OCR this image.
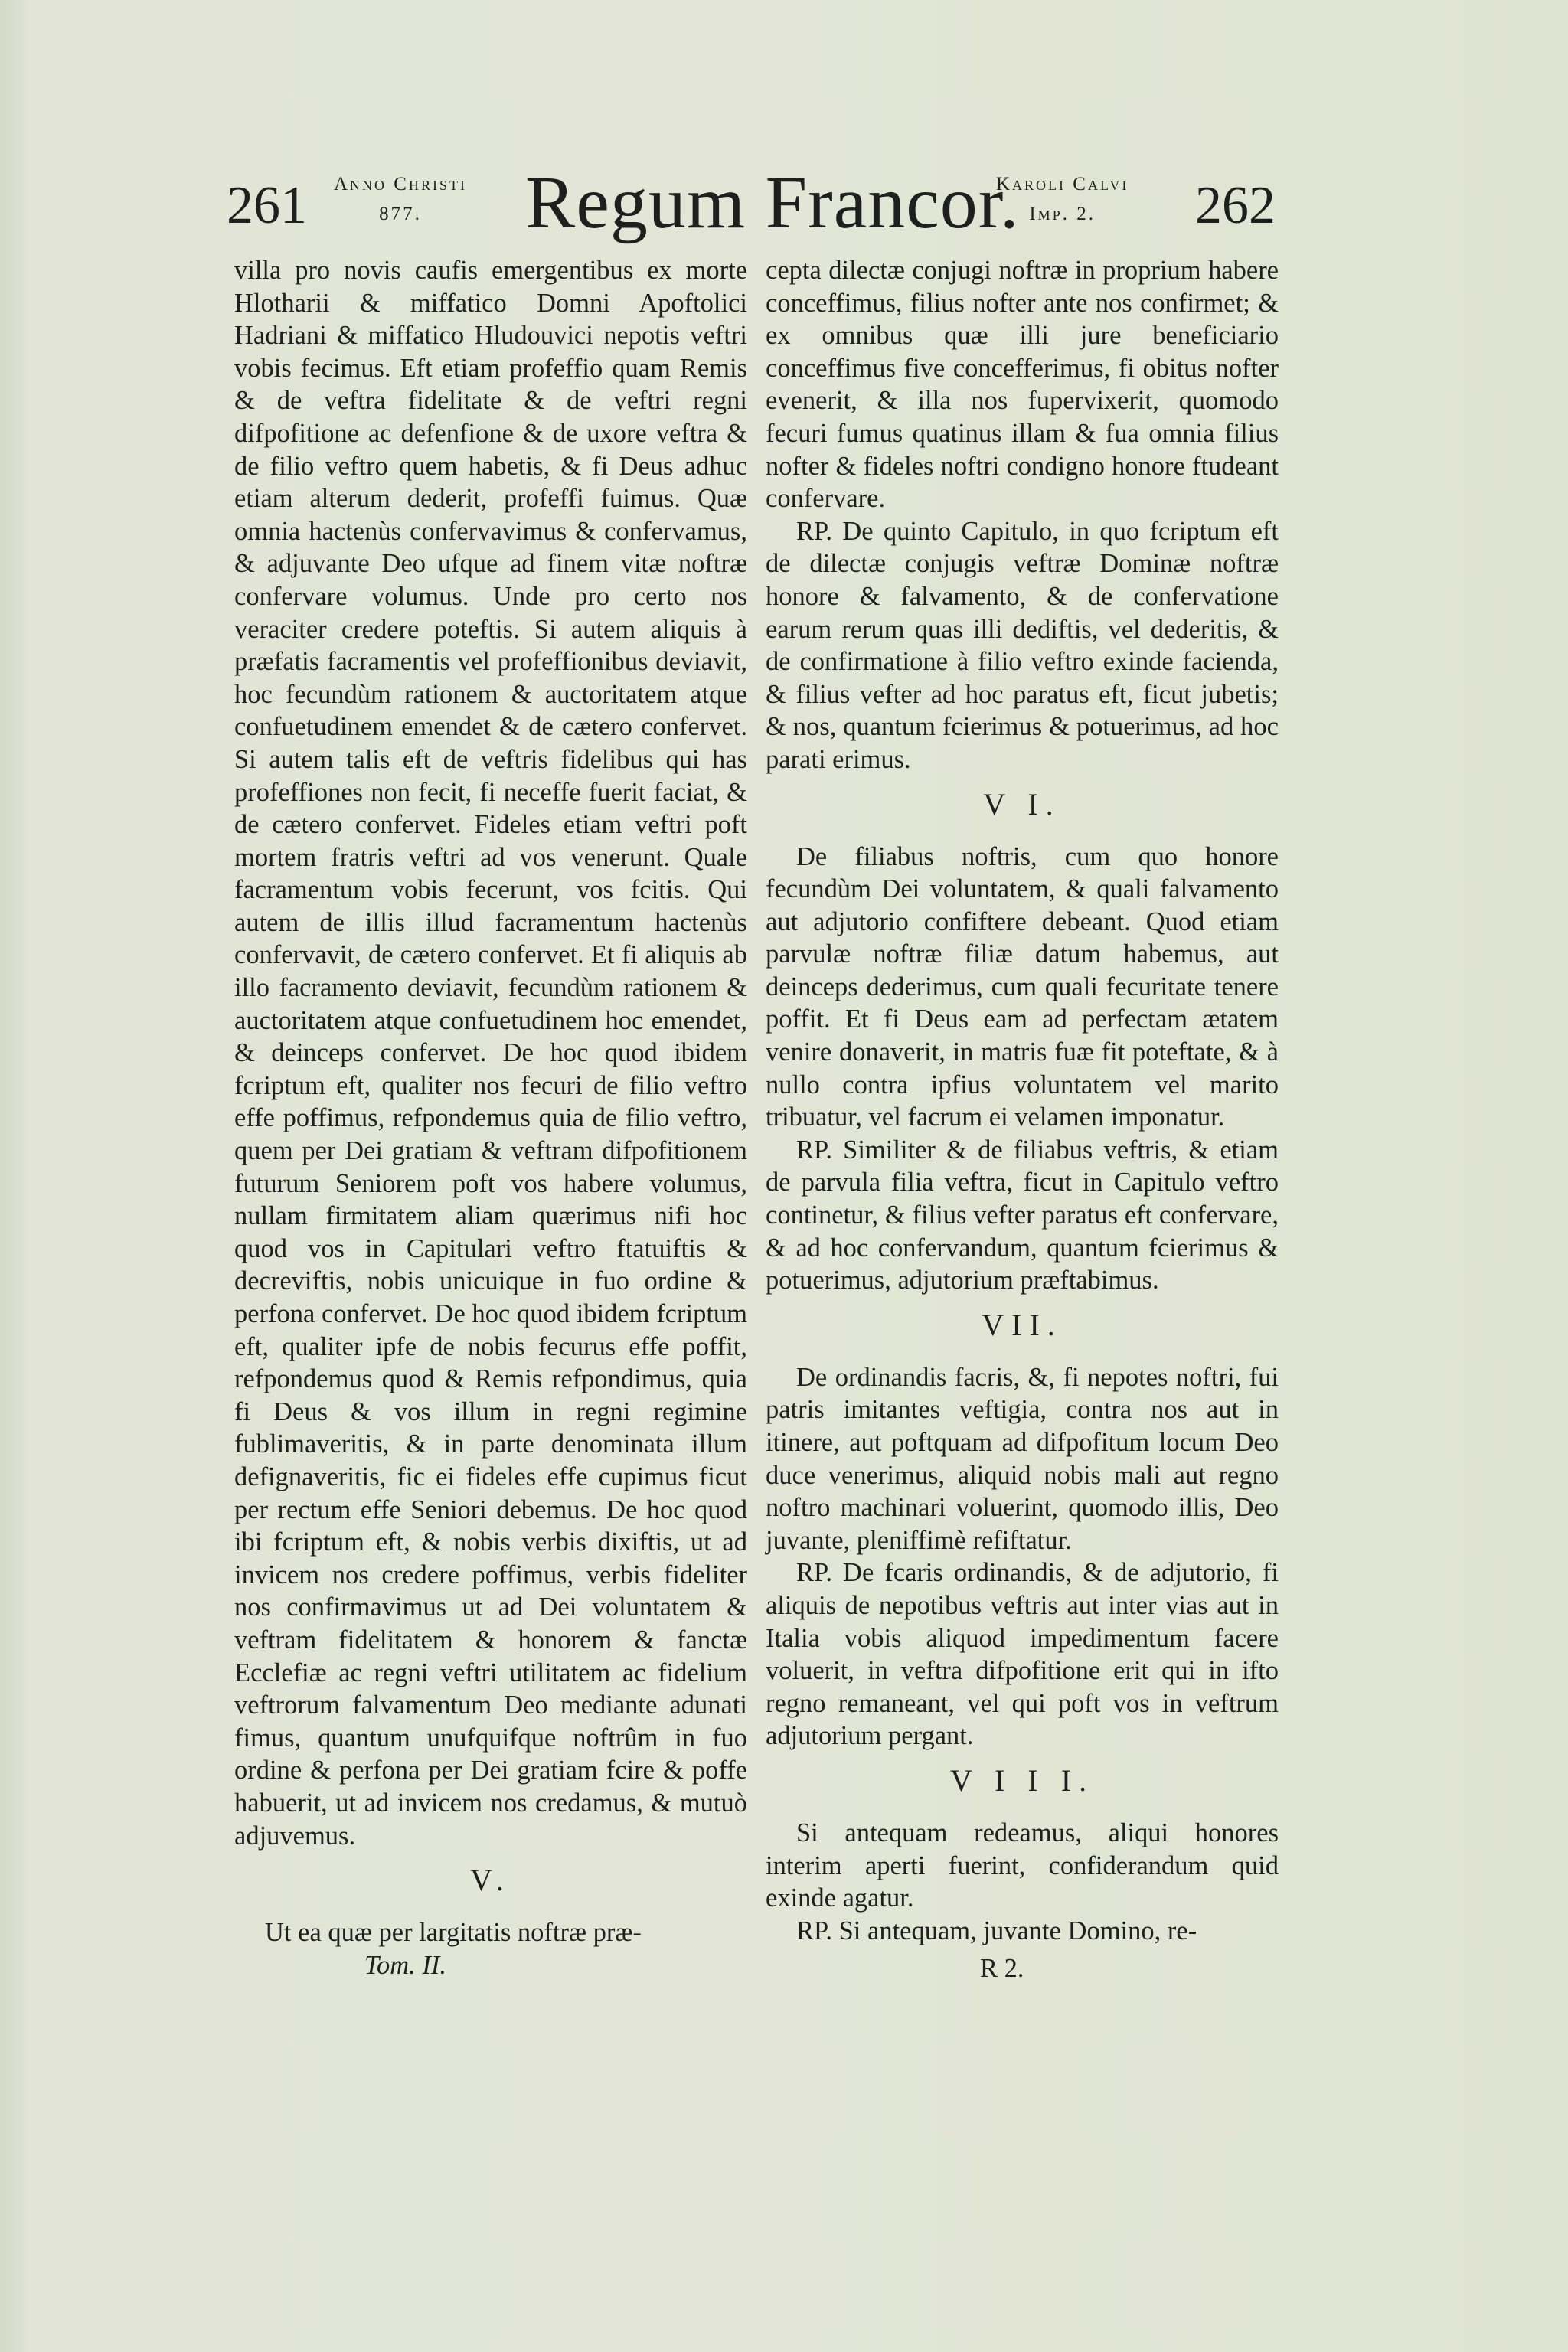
261 Anno Christi
877.	Regum Francor.
Karoli Calvi
Imp. 2.	262

villa pro novis caufis emergentibus ex morte Hlotharii & miffatico Domni Apoftolici Hadriani & miffatico Hludouvici nepotis veftri vobis fecimus. Eft etiam profeffio quam Remis & de veftra fidelitate & de veftri regni difpofitione ac defenfione & de uxore veftra & de filio veftro quem habetis, & fi Deus adhuc etiam alterum dederit, profeffi fuimus. Quæ omnia hactenùs confervavimus & confervamus, & adjuvante Deo ufque ad finem vitæ noftræ confervare volumus. Unde pro certo nos veraciter credere poteftis. Si autem aliquis à præfatis facramentis vel profeffionibus deviavit, hoc fecundùm rationem & auctoritatem atque confuetudinem emendet & de cætero confervet. Si autem talis eft de veftris fidelibus qui has profeffiones non fecit, fi neceffe fuerit faciat, & de cætero confervet. Fideles etiam veftri poft mortem fratris veftri ad vos venerunt. Quale facramentum vobis fecerunt, vos fcitis. Qui autem de illis illud facramentum hactenùs confervavit, de cætero confervet. Et fi aliquis ab illo facramento deviavit, fecundùm rationem & auctoritatem atque confuetudinem hoc emendet, & deinceps confervet. De hoc quod ibidem fcriptum eft, qualiter nos fecuri de filio veftro effe poffimus, refpondemus quia de filio veftro, quem per Dei gratiam & veftram difpofitionem futurum Seniorem poft vos habere volumus, nullam firmitatem aliam quærimus nifi hoc quod vos in Capitulari veftro ftatuiftis & decreviftis, nobis unicuique in fuo ordine & perfona confervet. De hoc quod ibidem fcriptum eft, qualiter ipfe de nobis fecurus effe poffit, refpondemus quod & Remis refpondimus, quia fi Deus & vos illum in regni regimine fublimaveritis, & in parte denominata illum defignaveritis, fic ei fideles effe cupimus ficut per rectum effe Seniori debemus. De hoc quod ibi fcriptum eft, & nobis verbis dixiftis, ut ad invicem nos credere poffimus, verbis fideliter nos confirmavimus ut ad Dei voluntatem & veftram fidelitatem & honorem & fanctæ Ecclefiæ ac regni veftri utilitatem ac fidelium veftrorum falvamentum Deo mediante adunati fimus, quantum unufquifque noftrûm in fuo ordine & perfona per Dei gratiam fcire & poffe habuerit, ut ad invicem nos credamus, & mutuò adjuvemus.

V.

Ut ea quæ per largitatis noftræ præ-

Tom. II.

cepta dilectæ conjugi noftræ in proprium habere conceffimus, filius nofter ante nos confirmet; & ex omnibus quæ illi jure beneficiario conceffimus five concefferimus, fi obitus nofter evenerit, & illa nos fupervixerit, quomodo fecuri fumus quatinus illam & fua omnia filius nofter & fideles noftri condigno honore ftudeant confervare.

RP. De quinto Capitulo, in quo fcriptum eft de dilectæ conjugis veftræ Dominæ noftræ honore & falvamento, & de confervatione earum rerum quas illi dediftis, vel dederitis, & de confirmatione à filio veftro exinde facienda, & filius vefter ad hoc paratus eft, ficut jubetis; & nos, quantum fcierimus & potuerimus, ad hoc parati erimus.

V I.

De filiabus noftris, cum quo honore fecundùm Dei voluntatem, & quali falvamento aut adjutorio confiftere debeant. Quod etiam parvulæ noftræ filiæ datum habemus, aut deinceps dederimus, cum quali fecuritate tenere poffit. Et fi Deus eam ad perfectam ætatem venire donaverit, in matris fuæ fit poteftate, & à nullo contra ipfius voluntatem vel marito tribuatur, vel facrum ei velamen imponatur.

RP. Similiter & de filiabus veftris, & etiam de parvula filia veftra, ficut in Capitulo veftro continetur, & filius vefter paratus eft confervare, & ad hoc confervandum, quantum fcierimus & potuerimus, adjutorium præftabimus.

VII.

De ordinandis facris, &, fi nepotes noftri, fui patris imitantes veftigia, contra nos aut in itinere, aut poftquam ad difpofitum locum Deo duce venerimus, aliquid nobis mali aut regno noftro machinari voluerint, quomodo illis, Deo juvante, pleniffimè refiftatur.

RP. De fcaris ordinandis, & de adjutorio, fi aliquis de nepotibus veftris aut inter vias aut in Italia vobis aliquod impedimentum facere voluerit, in veftra difpofitione erit qui in ifto regno remaneant, vel qui poft vos in veftrum adjutorium pergant.

V I I I.

Si antequam redeamus, aliqui honores interim aperti fuerint, confiderandum quid exinde agatur.

RP. Si antequam, juvante Domino, re-

R 2.
